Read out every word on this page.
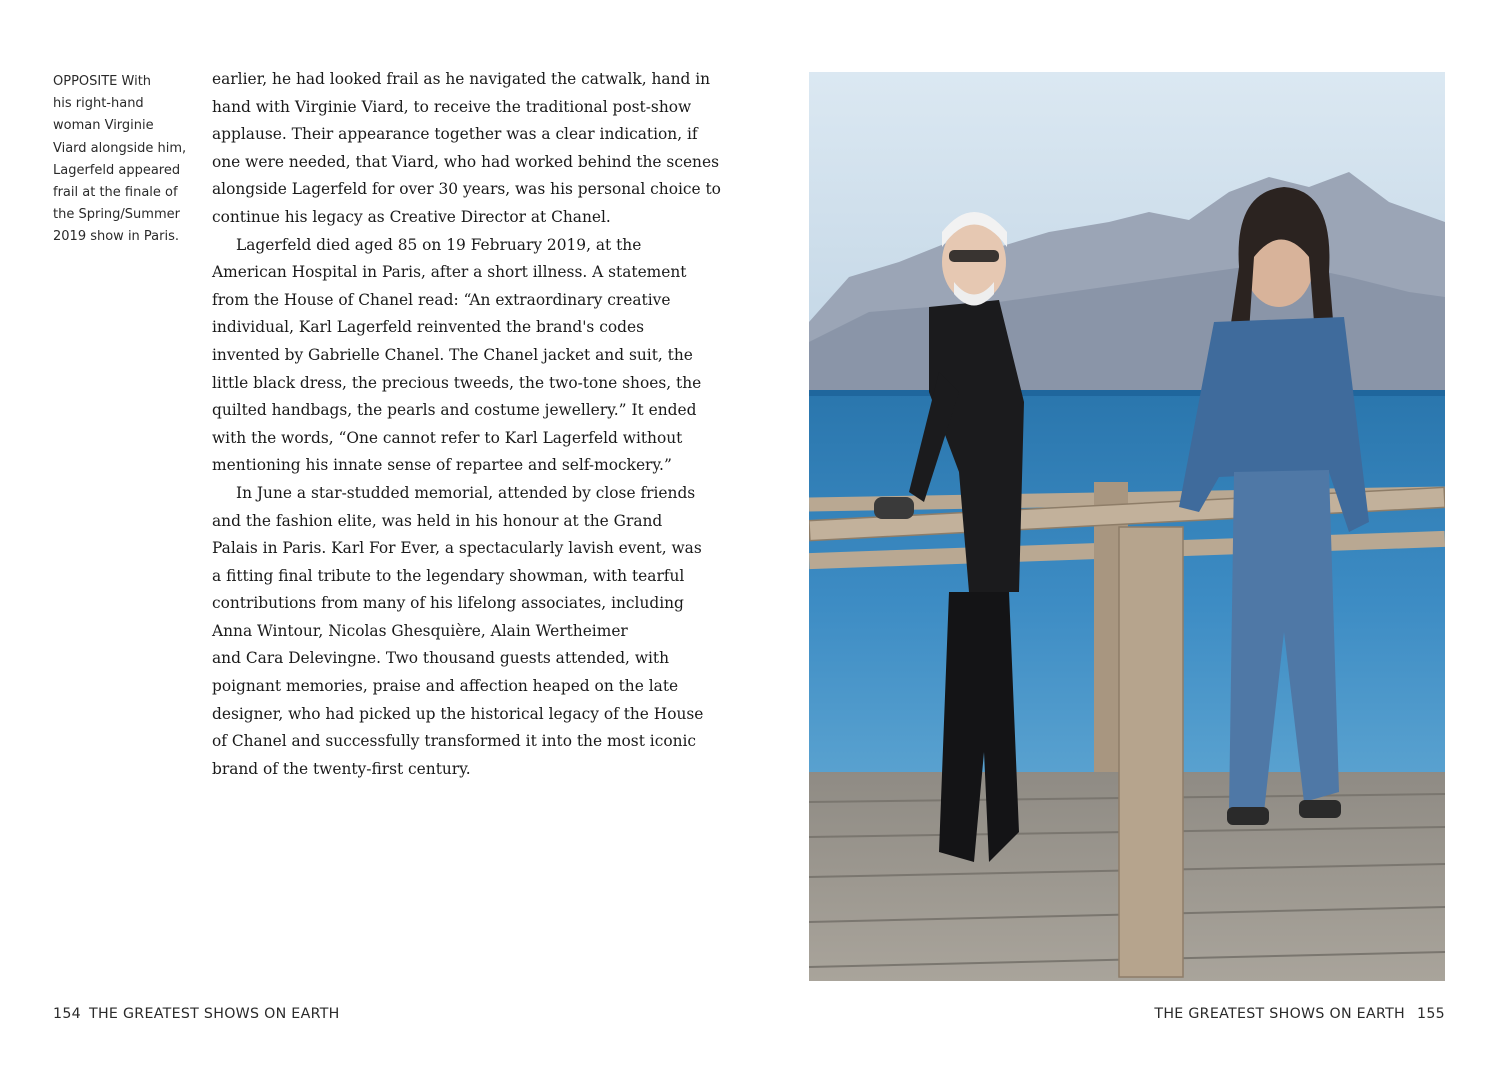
OPPOSITE With
his right-hand
woman Virginie
Viard alongside him,
Lagerfeld appeared
frail at the finale of
the Spring/Summer
2019 show in Paris.
earlier, he had looked frail as he navigated the catwalk, hand in
hand with Virginie Viard, to receive the traditional post-show
applause. Their appearance together was a clear indication, if
one were needed, that Viard, who had worked behind the scenes
alongside Lagerfeld for over 30 years, was his personal choice to
continue his legacy as Creative Director at Chanel.
Lagerfeld died aged 85 on 19 February 2019, at the
American Hospital in Paris, after a short illness. A statement
from the House of Chanel read: “An extraordinary creative
individual, Karl Lagerfeld reinvented the brand's codes
invented by Gabrielle Chanel. The Chanel jacket and suit, the
little black dress, the precious tweeds, the two-tone shoes, the
quilted handbags, the pearls and costume jewellery.” It ended
with the words, “One cannot refer to Karl Lagerfeld without
mentioning his innate sense of repartee and self-mockery.”
In June a star-studded memorial, attended by close friends
and the fashion elite, was held in his honour at the Grand
Palais in Paris. Karl For Ever, a spectacularly lavish event, was
a fitting final tribute to the legendary showman, with tearful
contributions from many of his lifelong associates, including
Anna Wintour, Nicolas Ghesquière, Alain Wertheimer
and Cara Delevingne. Two thousand guests attended, with
poignant memories, praise and affection heaped on the late
designer, who had picked up the historical legacy of the House
of Chanel and successfully transformed it into the most iconic
brand of the twenty-first century.
154 THE GREATEST SHOWS ON EARTH	THE GREATEST SHOWS ON EARTH 155
